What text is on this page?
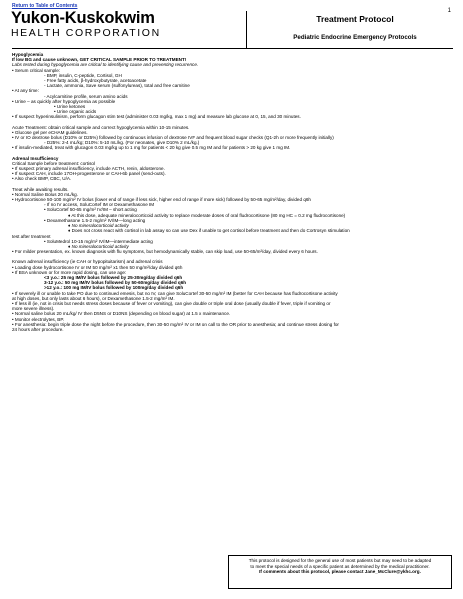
Return to Table of Contents
Yukon-Kuskokwim
HEALTH CORPORATION
1
Treatment Protocol
Pediatric Endocrine Emergency Protocols
Hypoglycemia
If low BG and cause unknown, GET CRITICAL SAMPLE PRIOR TO TREATMENT!
Labs tested during hypoglycemia are critical to identifying cause and preventing recurrence.
• Serum critical sample:
- BMP, insulin, C-peptide, Cortisol, GH
- Free fatty acids, β-hydroxybutyrate, acetoacetate
- Lactate, ammonia, Save serum (sulfonylureas), total and free carnitine
• At any time:
- Acylcarnitine profile, serum amino acids
• Urine – as quickly after hypoglycemia as possible
• Urine ketones
• Urine organic acids
• If suspect hyperinsulinism, perform glucagon stim test (administer 0.03 mg/kg, max 1 mg) and measure lab glucose at 0, 15, and 30 minutes.
Acute Treatment: obtain critical sample and correct hypoglycemia within 10-15 minutes.
• Glucose gel per eCHAM guidelines.
• IV or IO dextrose bolus (D10% or D25%) followed by continuous infusion of dextrose IVF and frequent blood sugar checks (Q1-2h or more frequently initially)
◦ D25%: 2-4 mL/kg; D10%: 5-10 mL/kg. (For neonates, give D10% 2 mL/kg.)
• If insulin-mediated, treat with glucagon 0.03 mg/kg up to 1 mg for patients < 20 kg give 0.5 mg IM and for patients > 20 kg give 1 mg IM.
Adrenal Insufficiency
Critical Sample before treatment: cortisol
• If suspect primary adrenal insufficiency, include ACTH, renin, aldosterone.
• If suspect CAH, include 17OH-progesterone or CAH-6b panel (send-outs).
• Also check BMP, CBC, U/A.
Treat while awaiting results.
• Normal Saline Bolus 20 mL/kg.
• Hydrocortisone 50-100 mg/m² IV bolus (lower end of range if less sick, higher end of range if more sick) followed by 50-65 mg/m²/day, divided q6h
◦ If no IV access, SoluCortef IM or Dexamethasone IM
• SoluCortef 50-65 mg/m² IV/IM – short acting
♦ At this dose, adequate mineralocorticoid activity to replace moderate doses of oral fludrocortisone (80 mg HC = 0.2 mg fludrocortisone)
• Dexamethasone 1.5-2 mg/m² IV/IM—long acting
♦ No mineralocorticoid activity
♦ Does not cross react with cortisol in lab assay so can use Dex if unable to get cortisol before treatment and then do Cortrosyn stimulation
test after treatment
• SoluMedrol 10-15 mg/m² IV/IM—intermediate acting
♦ No mineralocorticoid activity
• For milder presentation, ex. known diagnosis with flu symptoms, but hemodynamically stable, can skip load, use 50-65/m²/day, divided every 6 hours.
Known adrenal insufficiency (ie CAH or hypopituitarism) and adrenal crisis
• Loading dose hydrocortisone IV or IM 50 mg/m² x1 then 50 mg/m²/day divided q6h
• If BSA unknown or for more rapid dosing, can use age:
<3 y.o.: 25 mg IM/IV bolus followed by 25-30mg/day divided q6h
3-12 y.o.: 50 mg IM/IV bolus followed by 50-60mg/day divided q6h
>12 y.o.: 100 mg IM/IV bolus followed by 100mg/day divided q6h
• If severely ill or unable to take PO due to continued emesis, but no IV, can give SoluCortef 30-50 mg/m² IM (better for CAH because has fludrocortisone activity
at high doses, but only lasts about 6 hours), or Dexamethasone 1.5-2 mg/m² IM.
• If less ill (ie, not in crisis but needs stress doses because of fever or vomiting), can give double or triple oral dose (usually double if fever, triple if vomiting or
more severe illness).
• Normal saline bolus 20 mL/kg/ IV then D5NS or D10NS (depending on blood sugar) at 1.5 x maintenance.
• Monitor electrolytes, BP.
• For anesthesia: begin triple dose the night before the procedure, then 30-50 mg/m² IV or IM on call to the OR prior to anesthesia; and continue stress dosing for
24 hours after procedure.
This protocol is designed for the general use of most patients but may need to be adapted
to meet the special needs of a specific patient as determined by the medical practitioner.
If comments about this protocol, please contact Jane_McClure@ykhc.org.
